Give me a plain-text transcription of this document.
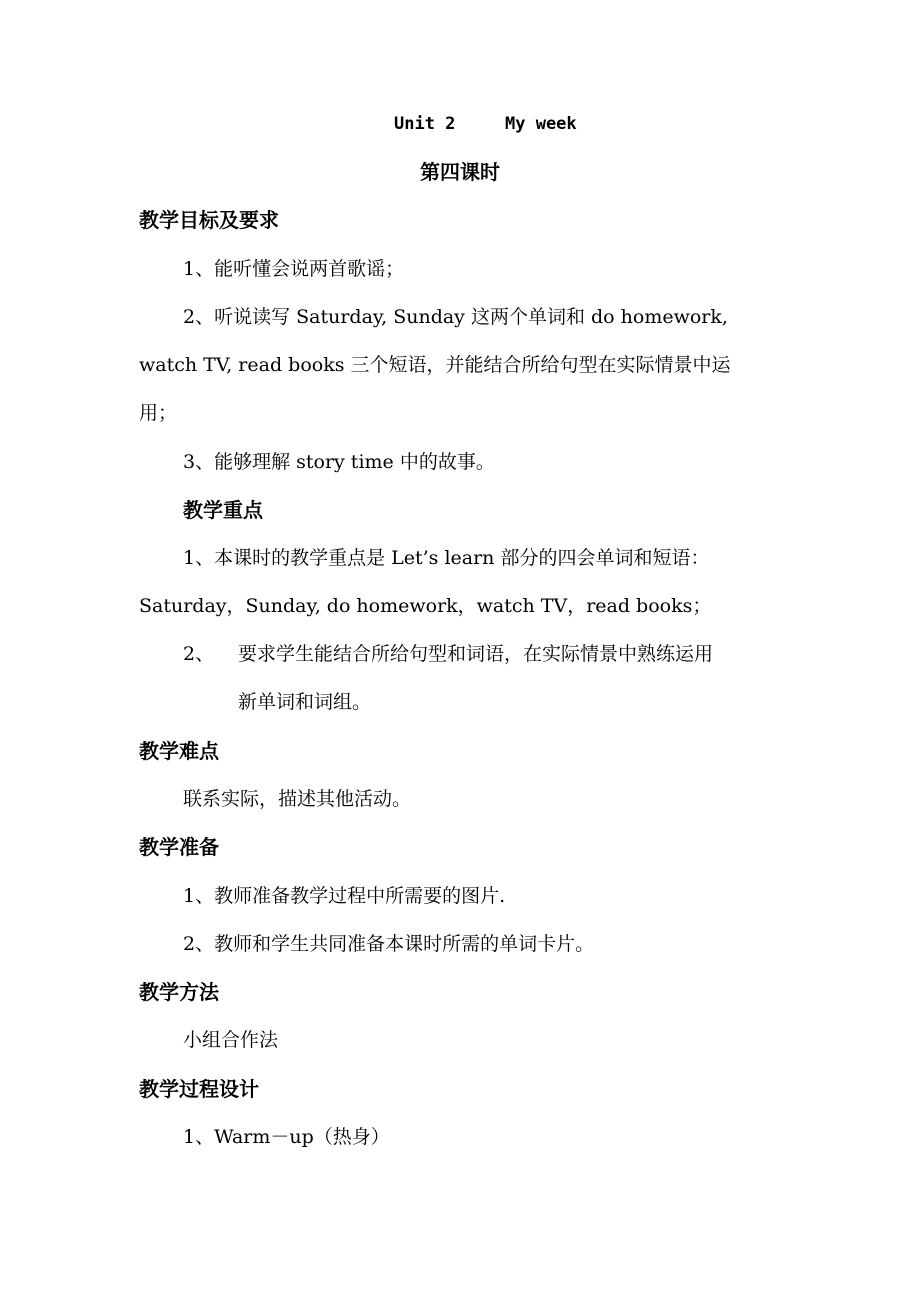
Unit 2	My week
第四课时
教学目标及要求
1、能听懂会说两首歌谣；
2、听说读写 Saturday, Sunday 这两个单词和 do homework,
watch TV, read books 三个短语，并能结合所给句型在实际情景中运
用；
3、能够理解 story time 中的故事。
教学重点
1、本课时的教学重点是 Let’s learn 部分的四会单词和短语：
Saturday，Sunday, do homework，watch TV，read books；
2、 要求学生能结合所给句型和词语，在实际情景中熟练运用
新单词和词组。
教学难点
联系实际，描述其他活动。
教学准备
1、教师准备教学过程中所需要的图片.
2、教师和学生共同准备本课时所需的单词卡片。
教学方法
小组合作法
教学过程设计
1、Warm－up（热身）
